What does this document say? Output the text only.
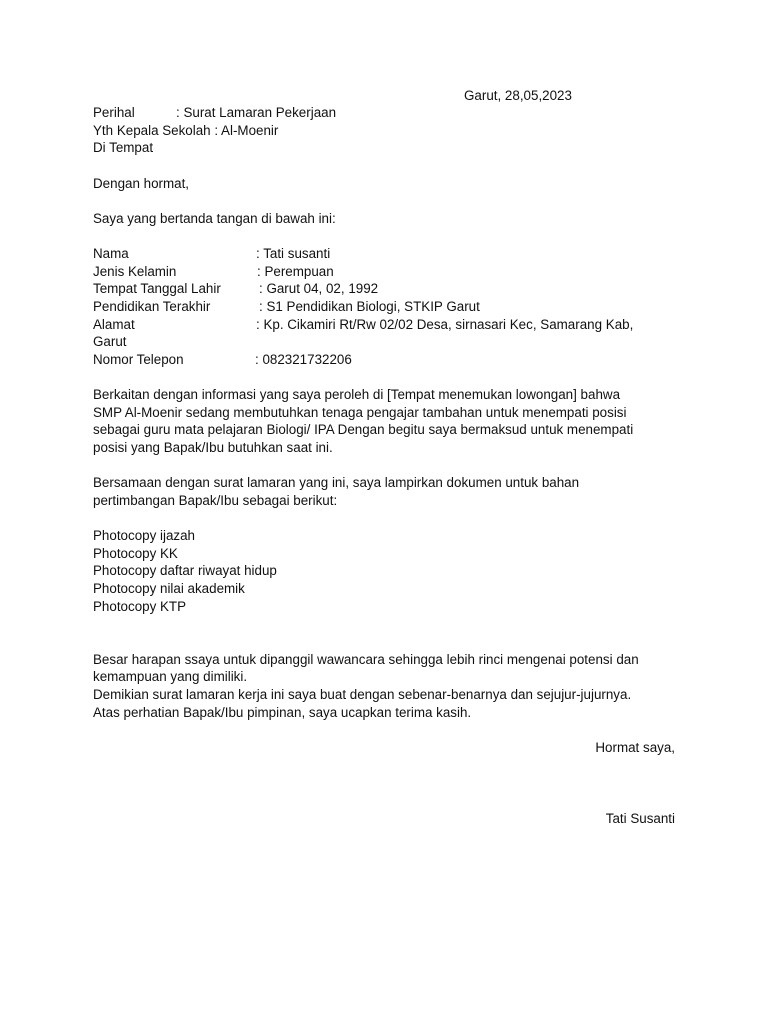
Garut, 28,05,2023
Perihal	: Surat Lamaran Pekerjaan
Yth Kepala Sekolah : Al-Moenir
Di Tempat
Dengan hormat,
Saya yang bertanda tangan di bawah ini:
Nama	: Tati susanti
Jenis Kelamin	: Perempuan
Tempat Tanggal Lahir	: Garut 04, 02, 1992
Pendidikan Terakhir	: S1 Pendidikan Biologi, STKIP Garut
Alamat	: Kp. Cikamiri Rt/Rw 02/02 Desa, sirnasari Kec, Samarang Kab,
Garut
Nomor Telepon	: 082321732206
Berkaitan dengan informasi yang saya peroleh di [Tempat menemukan lowongan] bahwa
SMP Al-Moenir sedang membutuhkan tenaga pengajar tambahan untuk menempati posisi
sebagai guru mata pelajaran Biologi/ IPA Dengan begitu saya bermaksud untuk menempati
posisi yang Bapak/Ibu butuhkan saat ini.
Bersamaan dengan surat lamaran yang ini, saya lampirkan dokumen untuk bahan
pertimbangan Bapak/Ibu sebagai berikut:
Photocopy ijazah
Photocopy KK
Photocopy daftar riwayat hidup
Photocopy nilai akademik
Photocopy KTP
Besar harapan ssaya untuk dipanggil wawancara sehingga lebih rinci mengenai potensi dan
kemampuan yang dimiliki.
Demikian surat lamaran kerja ini saya buat dengan sebenar-benarnya dan sejujur-jujurnya.
Atas perhatian Bapak/Ibu pimpinan, saya ucapkan terima kasih.
Hormat saya,
Tati Susanti
